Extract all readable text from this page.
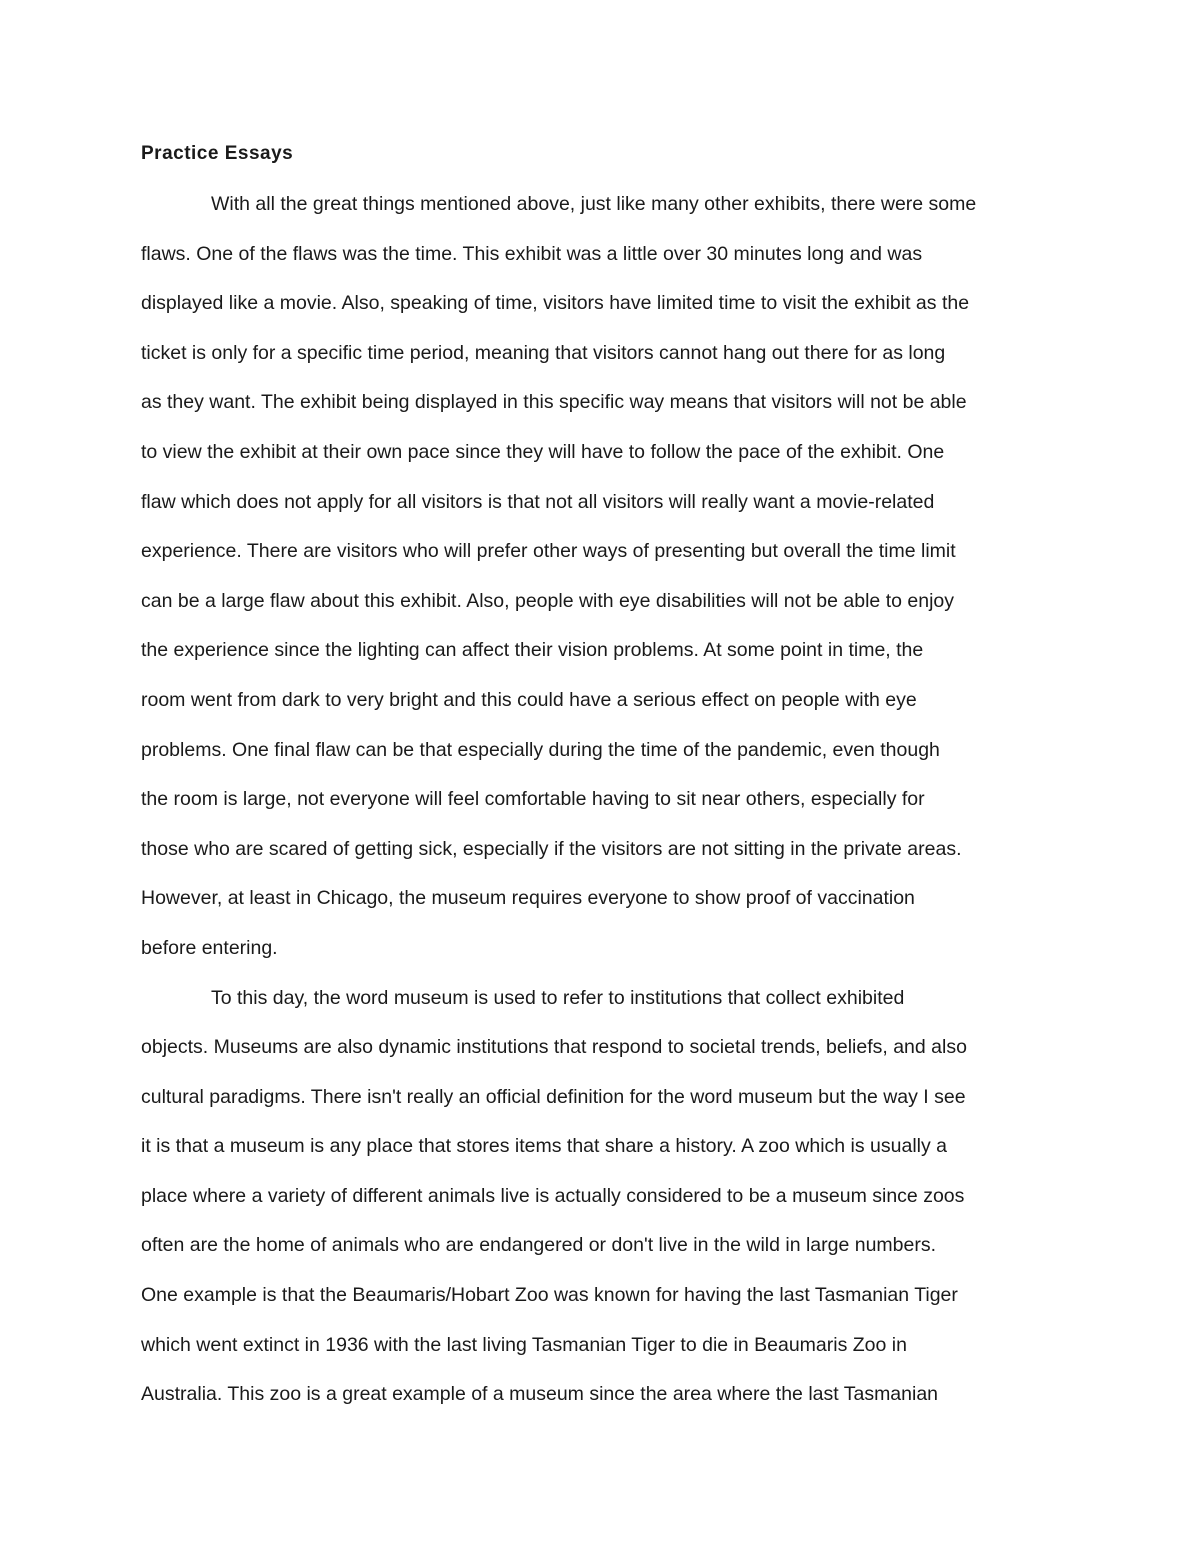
Practice Essays
With all the great things mentioned above, just like many other exhibits, there were some
flaws. One of the flaws was the time. This exhibit was a little over 30 minutes long and was
displayed like a movie. Also, speaking of time, visitors have limited time to visit the exhibit as the
ticket is only for a specific time period, meaning that visitors cannot hang out there for as long
as they want. The exhibit being displayed in this specific way means that visitors will not be able
to view the exhibit at their own pace since they will have to follow the pace of the exhibit. One
flaw which does not apply for all visitors is that not all visitors will really want a movie-related
experience. There are visitors who will prefer other ways of presenting but overall the time limit
can be a large flaw about this exhibit. Also, people with eye disabilities will not be able to enjoy
the experience since the lighting can affect their vision problems. At some point in time, the
room went from dark to very bright and this could have a serious effect on people with eye
problems. One final flaw can be that especially during the time of the pandemic, even though
the room is large, not everyone will feel comfortable having to sit near others, especially for
those who are scared of getting sick, especially if the visitors are not sitting in the private areas.
However, at least in Chicago, the museum requires everyone to show proof of vaccination
before entering.
To this day, the word museum is used to refer to institutions that collect exhibited
objects. Museums are also dynamic institutions that respond to societal trends, beliefs, and also
cultural paradigms. There isn't really an official definition for the word museum but the way I see
it is that a museum is any place that stores items that share a history. A zoo which is usually a
place where a variety of different animals live is actually considered to be a museum since zoos
often are the home of animals who are endangered or don't live in the wild in large numbers.
One example is that the Beaumaris/Hobart Zoo was known for having the last Tasmanian Tiger
which went extinct in 1936 with the last living Tasmanian Tiger to die in Beaumaris Zoo in
Australia. This zoo is a great example of a museum since the area where the last Tasmanian
